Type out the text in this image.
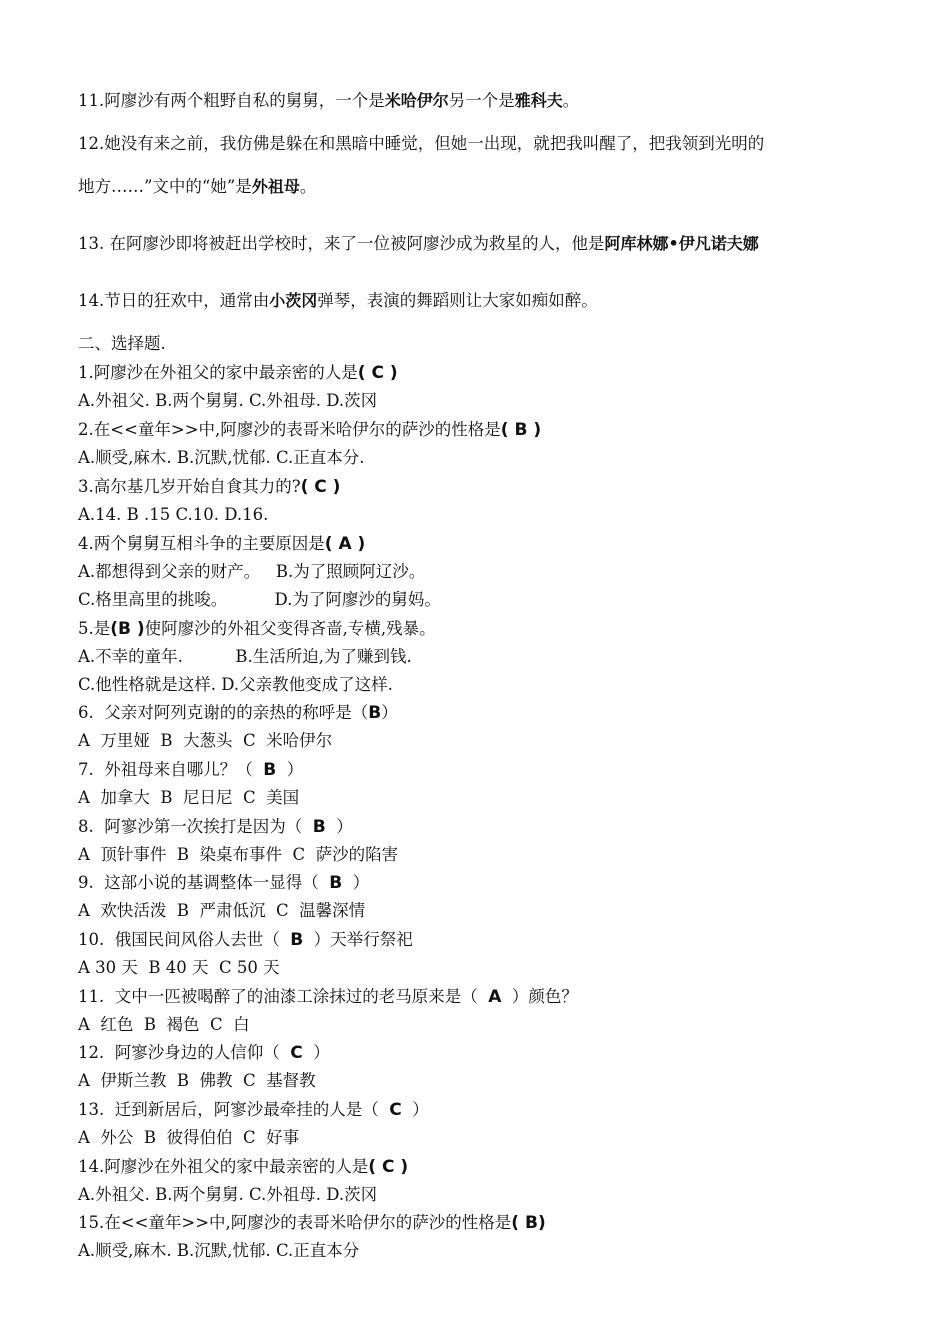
11.阿廖沙有两个粗野自私的舅舅，一个是米哈伊尔另一个是雅科夫。
12.她没有来之前，我仿佛是躲在和黑暗中睡觉，但她一出现，就把我叫醒了，把我领到光明的
地方……”文中的“她”是外祖母。
13. 在阿廖沙即将被赶出学校时，来了一位被阿廖沙成为救星的人，他是阿库林娜•伊凡诺夫娜
14.节日的狂欢中，通常由小茨冈弹琴，表演的舞蹈则让大家如痴如醉。
二、选择题.
1.阿廖沙在外祖父的家中最亲密的人是( C )
A.外祖父. B.两个舅舅. C.外祖母. D.茨冈
2.在<<童年>>中,阿廖沙的表哥米哈伊尔的萨沙的性格是( B )
A.顺受,麻木. B.沉默,忧郁. C.正直本分.
3.高尔基几岁开始自食其力的?( C )
A.14. B .15 C.10. D.16.
4.两个舅舅互相斗争的主要原因是( A )
A.都想得到父亲的财产。   B.为了照顾阿辽沙。
C.格里高里的挑唆。         D.为了阿廖沙的舅妈。
5.是(B )使阿廖沙的外祖父变得吝啬,专横,残暴。
A.不幸的童年.          B.生活所迫,为了赚到钱.
C.他性格就是这样. D.父亲教他变成了这样.
6.  父亲对阿列克谢的的亲热的称呼是（B）
A  万里娅  B  大葱头  C  米哈伊尔
7.  外祖母来自哪儿？（  B  ）
A  加拿大  B  尼日尼  C  美国
8.  阿寥沙第一次挨打是因为（  B  ）
A  顶针事件  B  染桌布事件  C  萨沙的陷害
9.  这部小说的基调整体一显得（  B  ）
A  欢快活泼  B  严肃低沉  C  温馨深情
10.  俄国民间风俗人去世（  B  ）天举行祭祀
A 30 天  B 40 天  C 50 天
11.  文中一匹被喝醉了的油漆工涂抹过的老马原来是（  A  ）颜色？
A  红色  B  褐色  C  白
12.  阿寥沙身边的人信仰（  C  ）
A  伊斯兰教  B  佛教  C  基督教
13.  迁到新居后，阿寥沙最牵挂的人是（  C  ）
A  外公  B  彼得伯伯  C  好事
14.阿廖沙在外祖父的家中最亲密的人是( C )
A.外祖父. B.两个舅舅. C.外祖母. D.茨冈
15.在<<童年>>中,阿廖沙的表哥米哈伊尔的萨沙的性格是( B)
A.顺受,麻木. B.沉默,忧郁. C.正直本分
